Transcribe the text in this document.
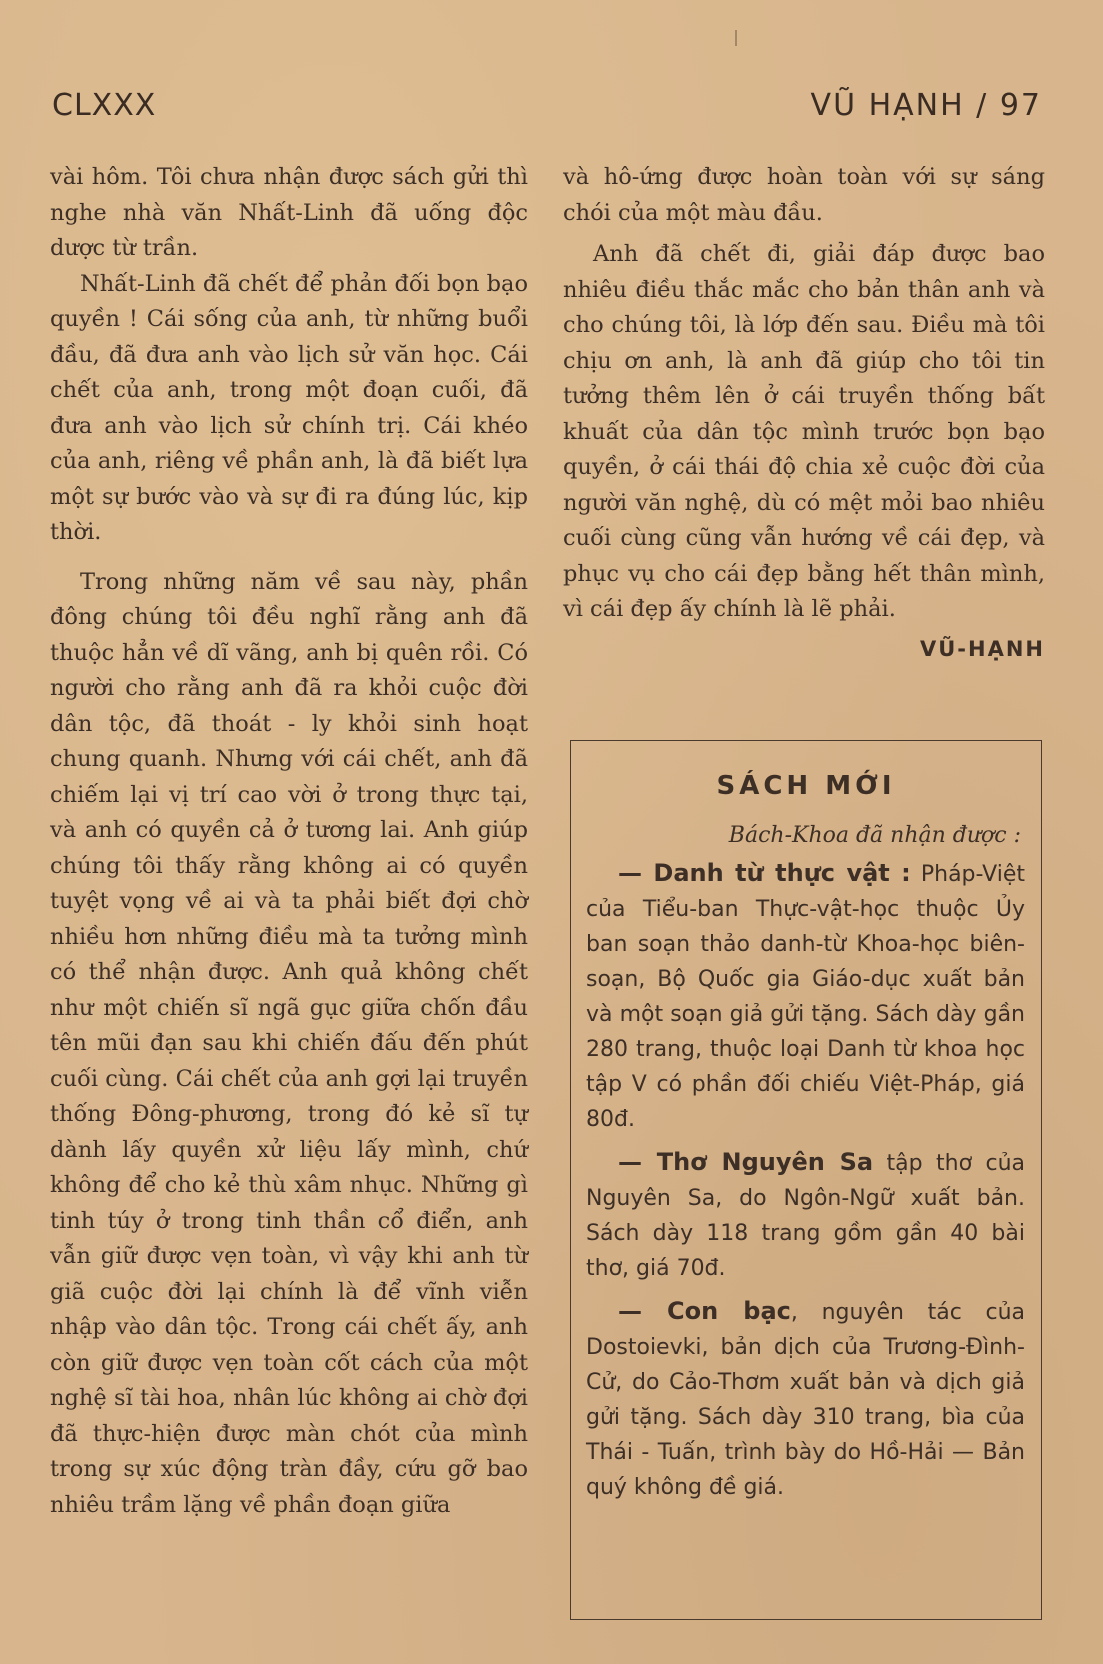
CLXXX	VŨ HẠNH / 97

vài hôm. Tôi chưa nhận được sách gửi thì nghe nhà văn Nhất-Linh đã uống độc dược từ trần.

Nhất-Linh đã chết để phản đối bọn bạo quyền ! Cái sống của anh, từ những buổi đầu, đã đưa anh vào lịch sử văn học. Cái chết của anh, trong một đoạn cuối, đã đưa anh vào lịch sử chính trị. Cái khéo của anh, riêng về phần anh, là đã biết lựa một sự bước vào và sự đi ra đúng lúc, kịp thời.

Trong những năm về sau này, phần đông chúng tôi đều nghĩ rằng anh đã thuộc hẳn về dĩ vãng, anh bị quên rồi. Có người cho rằng anh đã ra khỏi cuộc đời dân tộc, đã thoát - ly khỏi sinh hoạt chung quanh. Nhưng với cái chết, anh đã chiếm lại vị trí cao vời ở trong thực tại, và anh có quyền cả ở tương lai. Anh giúp chúng tôi thấy rằng không ai có quyền tuyệt vọng về ai và ta phải biết đợi chờ nhiều hơn những điều mà ta tưởng mình có thể nhận được. Anh quả không chết như một chiến sĩ ngã gục giữa chốn đầu tên mũi đạn sau khi chiến đấu đến phút cuối cùng. Cái chết của anh gợi lại truyền thống Đông-phương, trong đó kẻ sĩ tự dành lấy quyền xử liệu lấy mình, chứ không để cho kẻ thù xâm nhục. Những gì tinh túy ở trong tinh thần cổ điển, anh vẫn giữ được vẹn toàn, vì vậy khi anh từ giã cuộc đời lại chính là để vĩnh viễn nhập vào dân tộc. Trong cái chết ấy, anh còn giữ được vẹn toàn cốt cách của một nghệ sĩ tài hoa, nhân lúc không ai chờ đợi đã thực-hiện được màn chót của mình trong sự xúc động tràn đầy, cứu gỡ bao nhiêu trầm lặng về phần đoạn giữa

và hô-ứng được hoàn toàn với sự sáng chói của một màu đầu.

Anh đã chết đi, giải đáp được bao nhiêu điều thắc mắc cho bản thân anh và cho chúng tôi, là lớp đến sau. Điều mà tôi chịu ơn anh, là anh đã giúp cho tôi tin tưởng thêm lên ở cái truyền thống bất khuất của dân tộc mình trước bọn bạo quyền, ở cái thái độ chia xẻ cuộc đời của người văn nghệ, dù có mệt mỏi bao nhiêu cuối cùng cũng vẫn hướng về cái đẹp, và phục vụ cho cái đẹp bằng hết thân mình, vì cái đẹp ấy chính là lẽ phải.

VŨ-HẠNH
SÁCH MỚI
Bách-Khoa đã nhận được :

— Danh từ thực vật : Pháp-Việt của Tiểu-ban Thực-vật-học thuộc Ủy ban soạn thảo danh-từ Khoa-học biên-soạn, Bộ Quốc gia Giáo-dục xuất bản và một soạn giả gửi tặng. Sách dày gần 280 trang, thuộc loại Danh từ khoa học tập V có phần đối chiếu Việt-Pháp, giá 80đ.

— Thơ Nguyên Sa tập thơ của Nguyên Sa, do Ngôn-Ngữ xuất bản. Sách dày 118 trang gồm gần 40 bài thơ, giá 70đ.

— Con bạc, nguyên tác của Dostoievki, bản dịch của Trương-Đình-Cử, do Cảo-Thơm xuất bản và dịch giả gửi tặng. Sách dày 310 trang, bìa của Thái - Tuấn, trình bày do Hồ-Hải — Bản quý không đề giá.
